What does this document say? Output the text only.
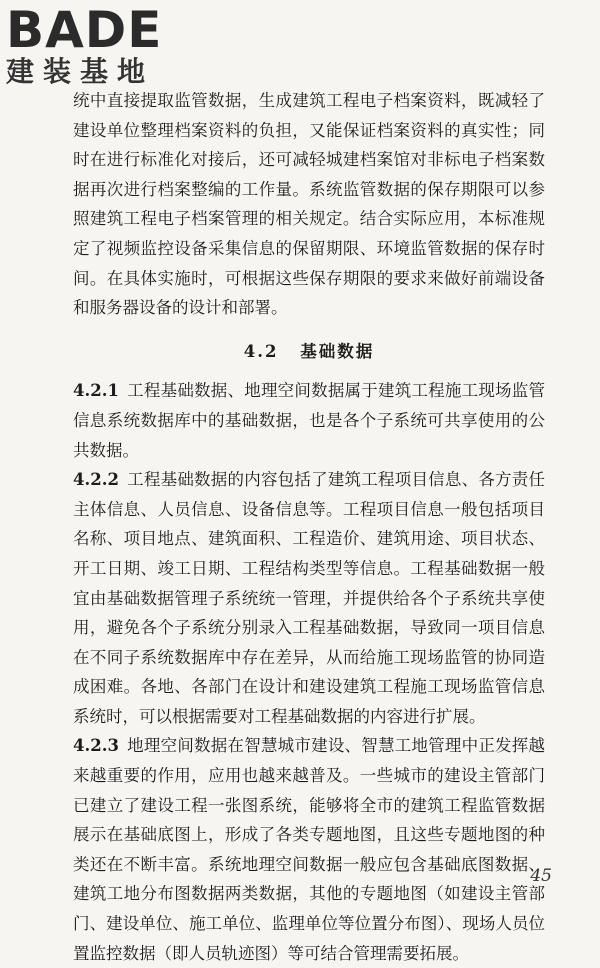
BADE
建装基地

统中直接提取监管数据，生成建筑工程电子档案资料，既减轻了建设单位整理档案资料的负担，又能保证档案资料的真实性；同时在进行标准化对接后，还可减轻城建档案馆对非标电子档案数据再次进行档案整编的工作量。系统监管数据的保存期限可以参照建筑工程电子档案管理的相关规定。结合实际应用，本标准规定了视频监控设备采集信息的保留期限、环境监管数据的保存时间。在具体实施时，可根据这些保存期限的要求来做好前端设备和服务器设备的设计和部署。

4.2 基础数据

4.2.1 工程基础数据、地理空间数据属于建筑工程施工现场监管信息系统数据库中的基础数据，也是各个子系统可共享使用的公共数据。

4.2.2 工程基础数据的内容包括了建筑工程项目信息、各方责任主体信息、人员信息、设备信息等。工程项目信息一般包括项目名称、项目地点、建筑面积、工程造价、建筑用途、项目状态、开工日期、竣工日期、工程结构类型等信息。工程基础数据一般宜由基础数据管理子系统统一管理，并提供给各个子系统共享使用，避免各个子系统分别录入工程基础数据，导致同一项目信息在不同子系统数据库中存在差异，从而给施工现场监管的协同造成困难。各地、各部门在设计和建设建筑工程施工现场监管信息系统时，可以根据需要对工程基础数据的内容进行扩展。

4.2.3 地理空间数据在智慧城市建设、智慧工地管理中正发挥越来越重要的作用，应用也越来越普及。一些城市的建设主管部门已建立了建设工程一张图系统，能够将全市的建筑工程监管数据展示在基础底图上，形成了各类专题地图，且这些专题地图的种类还在不断丰富。系统地理空间数据一般应包含基础底图数据、建筑工地分布图数据两类数据，其他的专题地图（如建设主管部门、建设单位、施工单位、监理单位等位置分布图）、现场人员位置监控数据（即人员轨迹图）等可结合管理需要拓展。

45
